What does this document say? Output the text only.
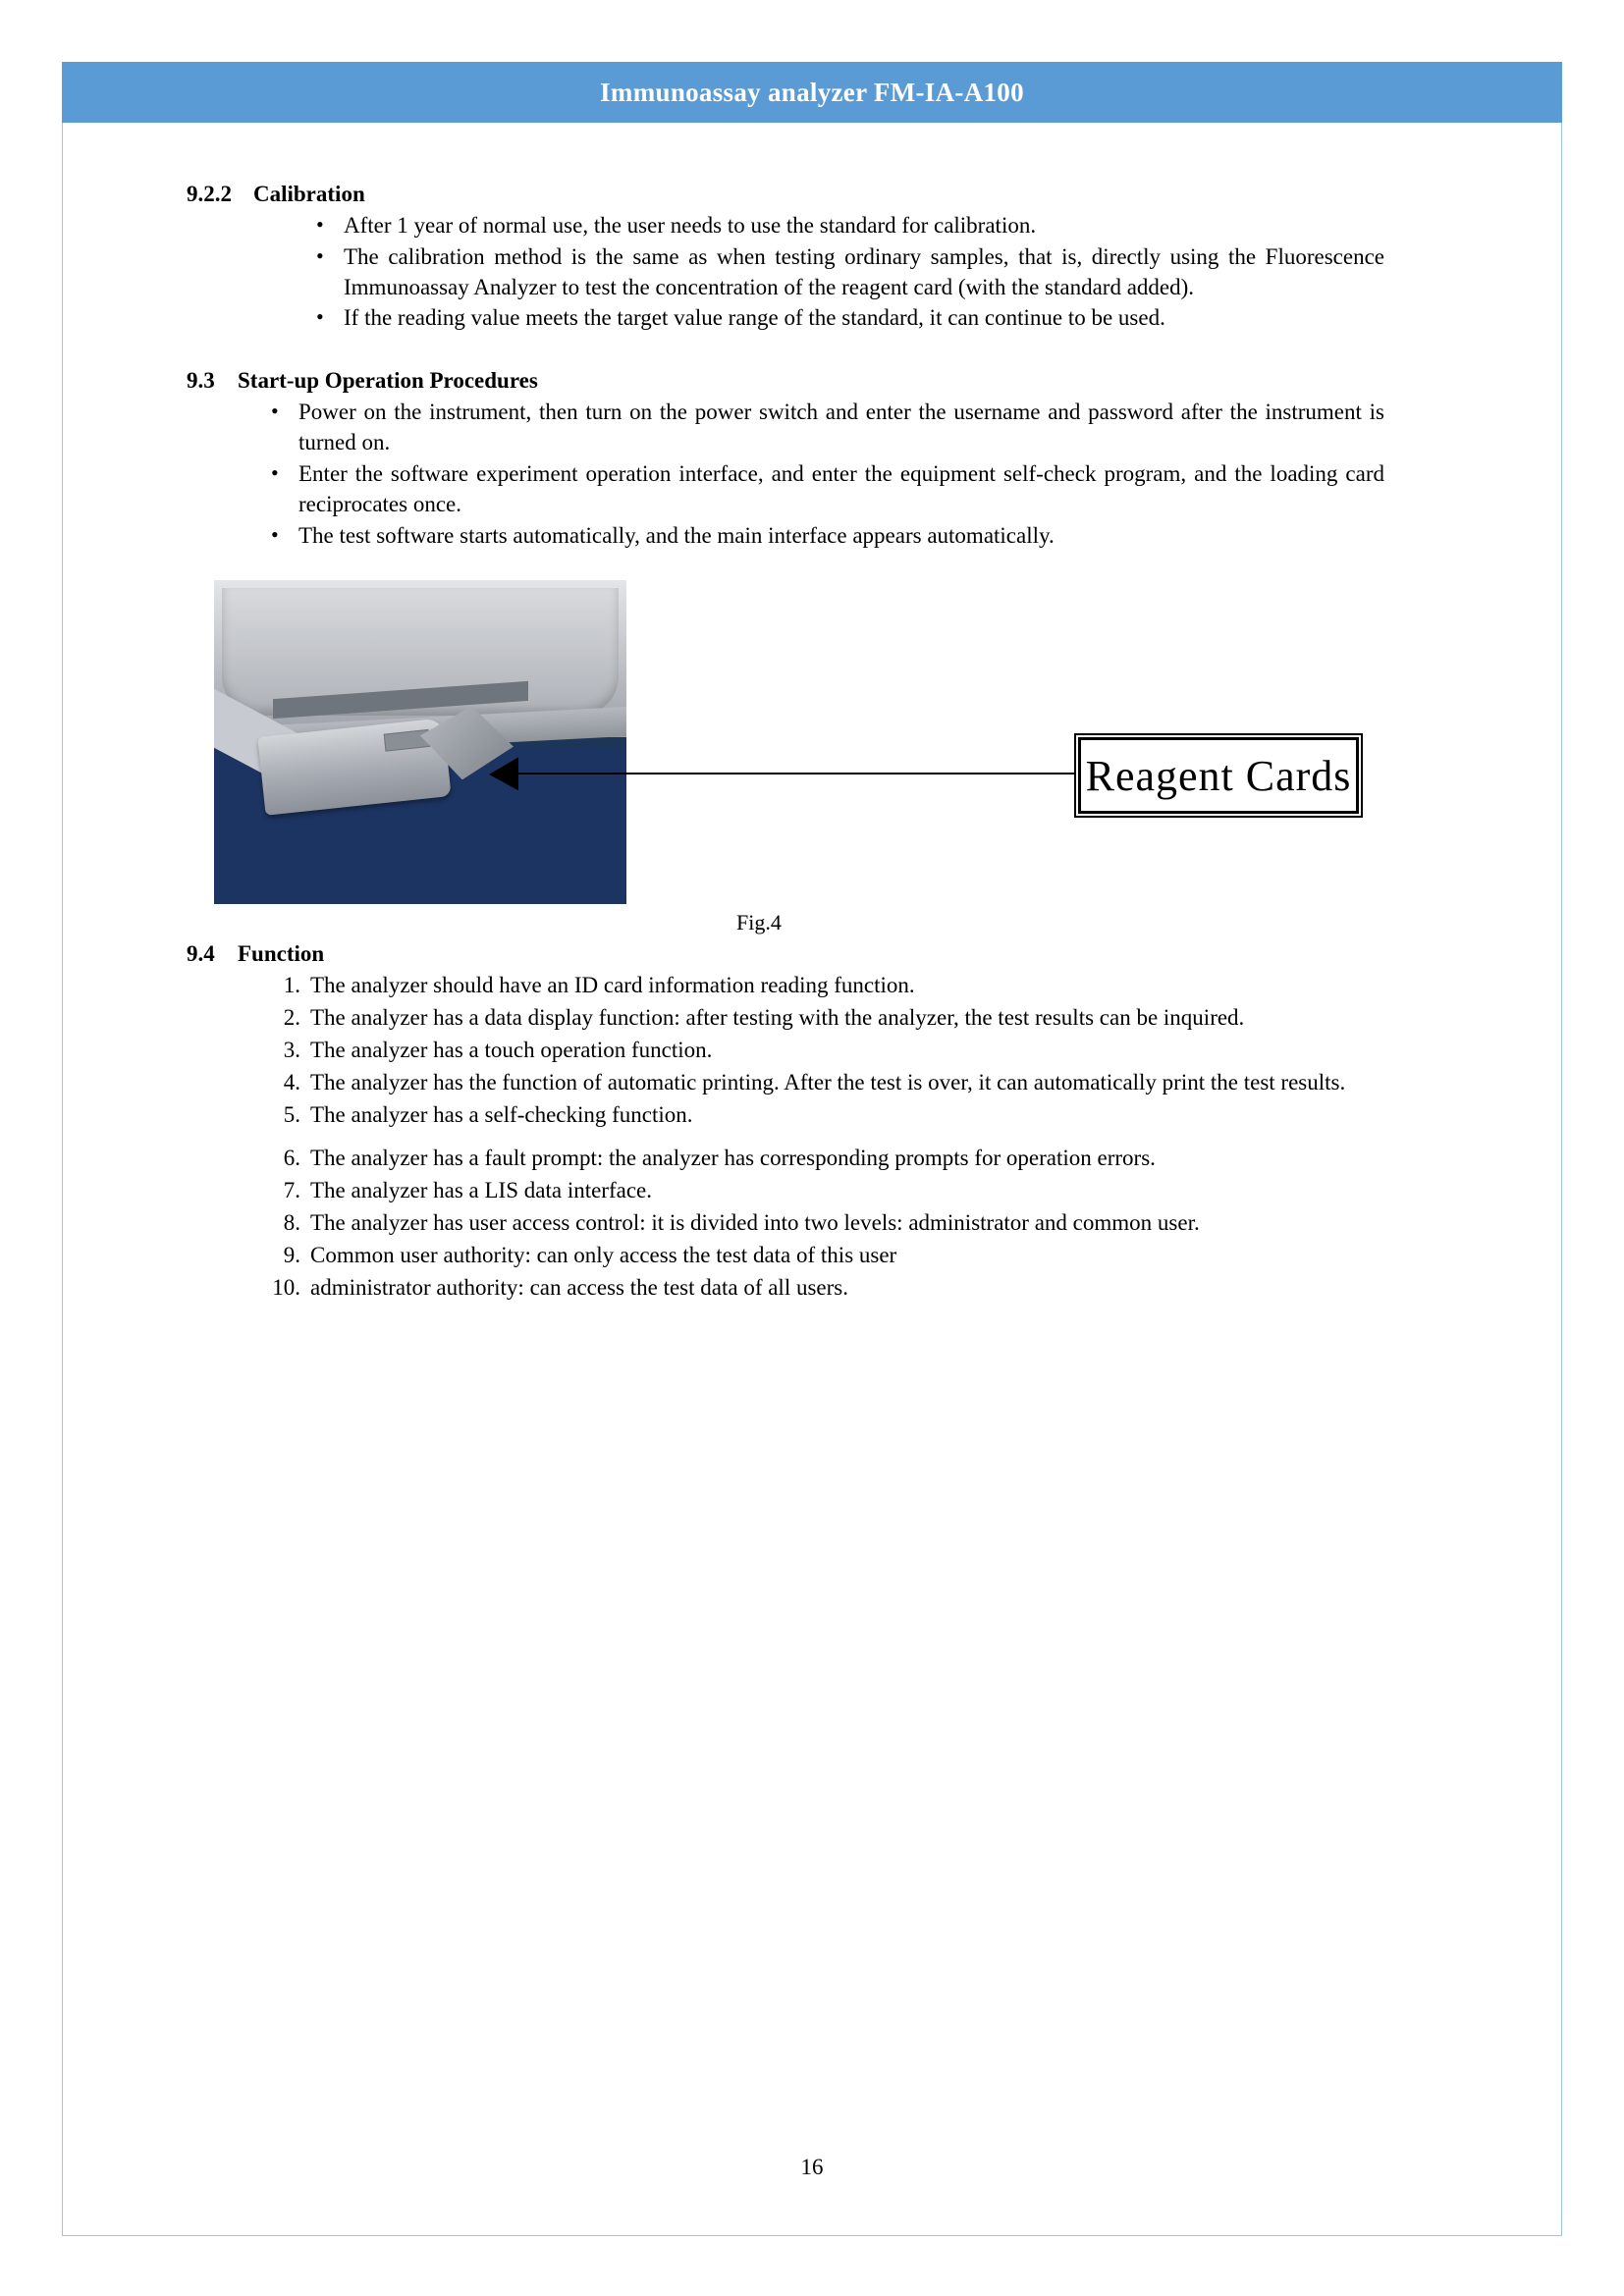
Immunoassay analyzer FM-IA-A100
9.2.2 Calibration
• After 1 year of normal use, the user needs to use the standard for calibration.
• The calibration method is the same as when testing ordinary samples, that is, directly using the Fluorescence Immunoassay Analyzer to test the concentration of the reagent card (with the standard added).
• If the reading value meets the target value range of the standard, it can continue to be used.
9.3	Start-up Operation Procedures
• Power on the instrument, then turn on the power switch and enter the username and password after the instrument is turned on.
• Enter the software experiment operation interface, and enter the equipment self-check program, and the loading card reciprocates once.
• The test software starts automatically, and the main interface appears automatically.
Reagent Cards
Fig.4
9.4	Function
The analyzer should have an ID card information reading function.
The analyzer has a data display function: after testing with the analyzer, the test results can be inquired.
The analyzer has a touch operation function.
The analyzer has the function of automatic printing. After the test is over, it can automatically print the test results.
The analyzer has a self-checking function.
The analyzer has a fault prompt: the analyzer has corresponding prompts for operation errors.
The analyzer has a LIS data interface.
The analyzer has user access control: it is divided into two levels: administrator and common user.
Common user authority: can only access the test data of this user
administrator authority: can access the test data of all users.
16
